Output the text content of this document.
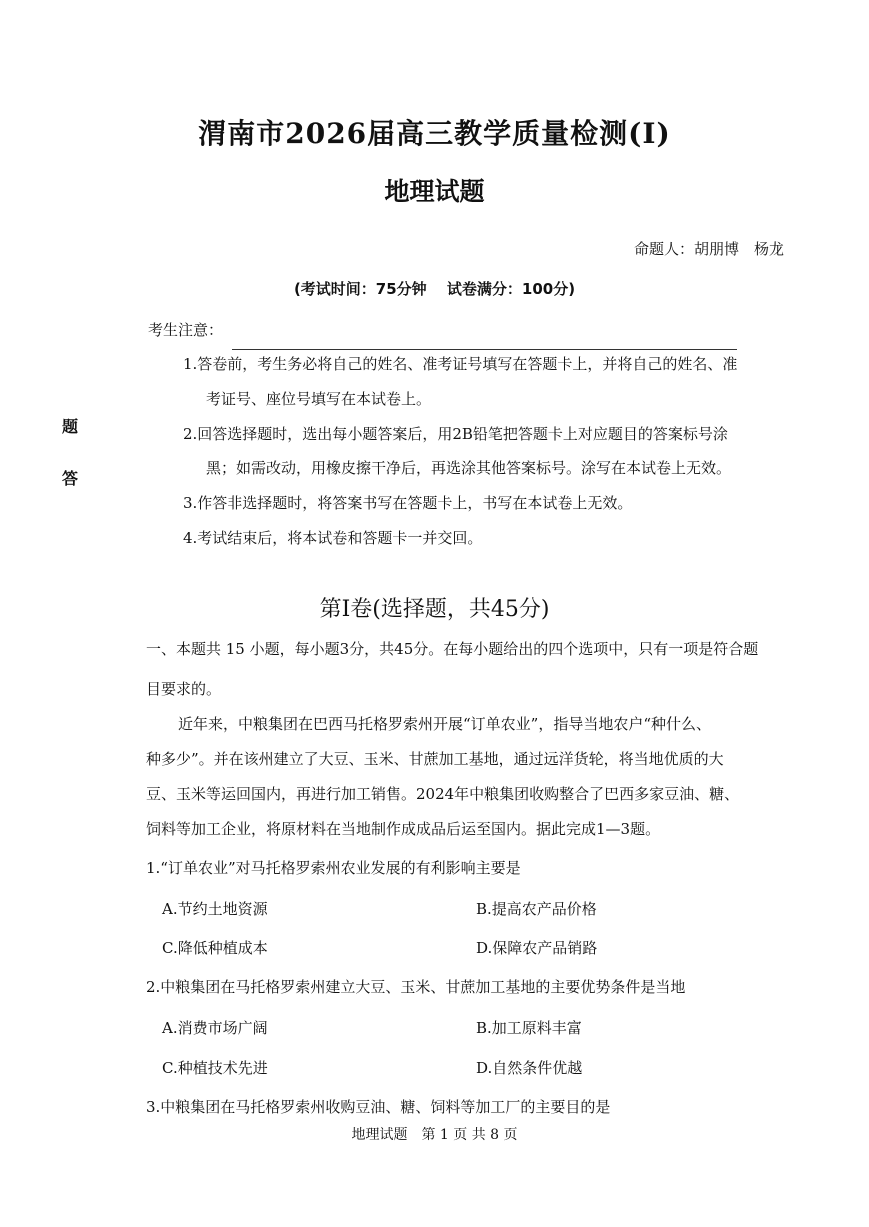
渭南市2026届高三教学质量检测(Ⅰ)
地理试题
命题人：胡朋博　杨龙
(考试时间：75分钟　 试卷满分：100分)
题
答
考生注意：
1.答卷前，考生务必将自己的姓名、准考证号填写在答题卡上，并将自己的姓名、准
考证号、座位号填写在本试卷上。
2.回答选择题时，选出每小题答案后，用2B铅笔把答题卡上对应题目的答案标号涂
黑；如需改动，用橡皮擦干净后，再选涂其他答案标号。涂写在本试卷上无效。
3.作答非选择题时，将答案书写在答题卡上，书写在本试卷上无效。
4.考试结束后，将本试卷和答题卡一并交回。
第Ⅰ卷(选择题，共45分)
一、本题共 15 小题，每小题3分，共45分。在每小题给出的四个选项中，只有一项是符合题
目要求的。
近年来，中粮集团在巴西马托格罗索州开展“订单农业”，指导当地农户“种什么、
种多少”。并在该州建立了大豆、玉米、甘蔗加工基地，通过远洋货轮，将当地优质的大
豆、玉米等运回国内，再进行加工销售。2024年中粮集团收购整合了巴西多家豆油、糖、
饲料等加工企业，将原材料在当地制作成成品后运至国内。据此完成1—3题。
1.“订单农业”对马托格罗索州农业发展的有利影响主要是
A.节约土地资源	B.提高农产品价格
C.降低种植成本	D.保障农产品销路
2.中粮集团在马托格罗索州建立大豆、玉米、甘蔗加工基地的主要优势条件是当地
A.消费市场广阔	B.加工原料丰富
C.种植技术先进	D.自然条件优越
3.中粮集团在马托格罗索州收购豆油、糖、饲料等加工厂的主要目的是
地理试题　第 1 页 共 8 页
